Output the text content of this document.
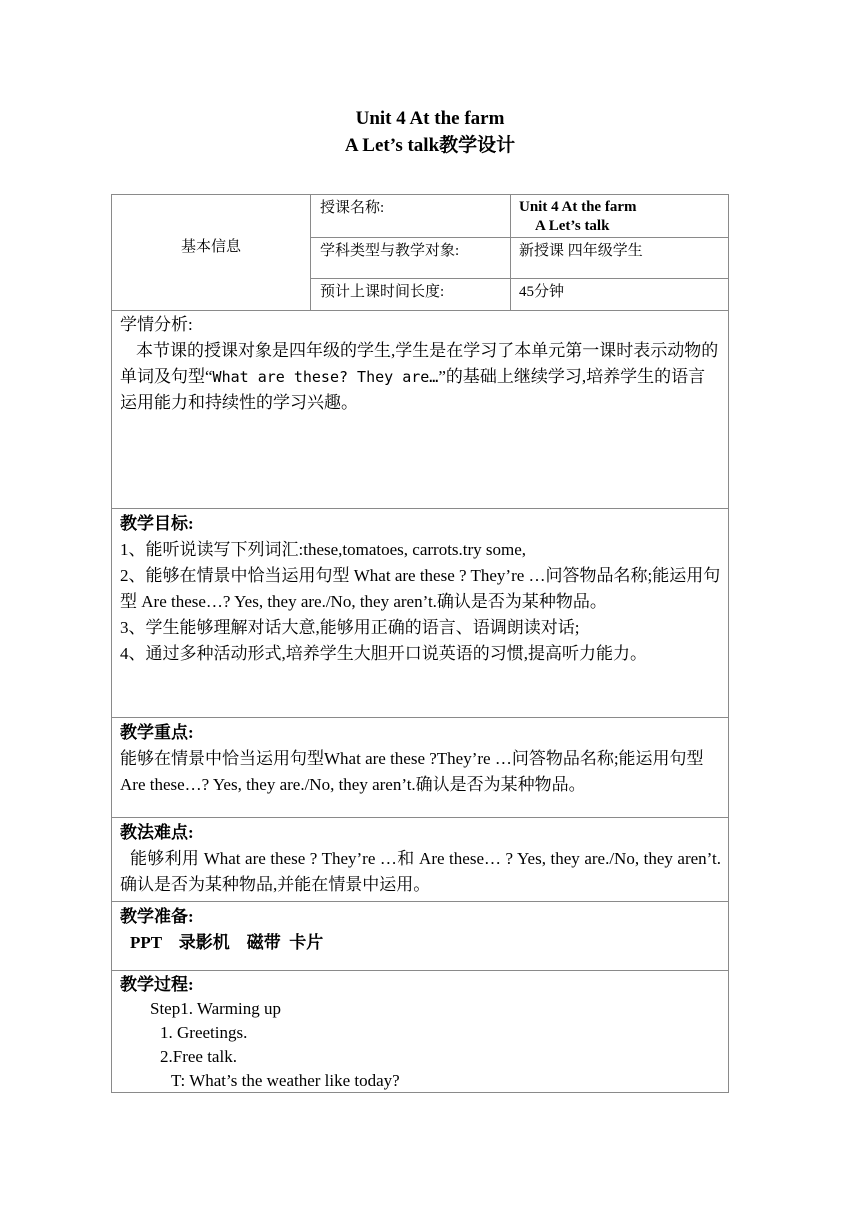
Unit 4 At the farm
A Let’s talk教学设计
基本信息
授课名称:	Unit 4 At the farm
A Let’s talk
学科类型与教学对象:	新授课 四年级学生
预计上课时间长度:	45分钟
学情分析:
本节课的授课对象是四年级的学生,学生是在学习了本单元第一课时表示动物的单词及句型“What are these? They are…”的基础上继续学习,培养学生的语言运用能力和持续性的学习兴趣。
教学目标:
1、能听说读写下列词汇:these,tomatoes, carrots.try some,
2、能够在情景中恰当运用句型 What are these ? They’re …问答物品名称;能运用句型 Are these…? Yes, they are./No, they aren’t.确认是否为某种物品。
3、学生能够理解对话大意,能够用正确的语言、语调朗读对话;
4、通过多种活动形式,培养学生大胆开口说英语的习惯,提高听力能力。
教学重点:
能够在情景中恰当运用句型What are these ?They’re …问答物品名称;能运用句型Are these…? Yes, they are./No, they aren’t.确认是否为某种物品。
教法难点:
能够利用 What are these ? They’re …和 Are these… ? Yes, they are./No, they aren’t.确认是否为某种物品,并能在情景中运用。
教学准备:
PPT    录影机    磁带  卡片
教学过程:
Step1. Warming up
1. Greetings.
2.Free talk.
T: What’s the weather like today?
